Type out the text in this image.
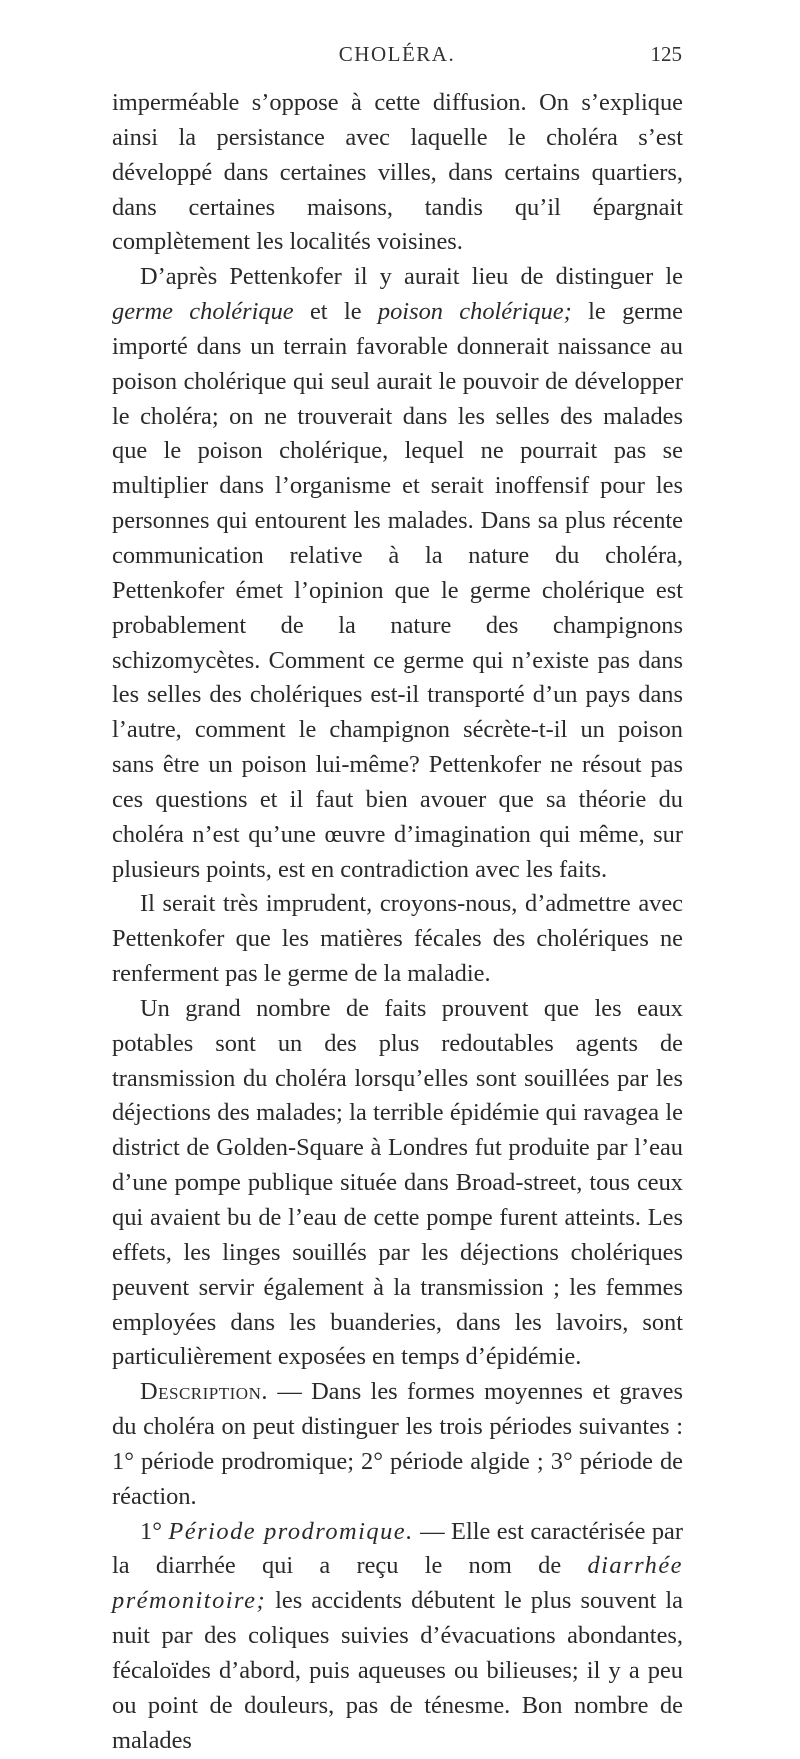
CHOLÉRA.	125

imperméable s’oppose à cette diffusion. On s’explique ainsi la persistance avec laquelle le choléra s’est développé dans certaines villes, dans certains quartiers, dans certaines maisons, tandis qu’il épargnait complètement les localités voisines.

D’après Pettenkofer il y aurait lieu de distinguer le germe cholérique et le poison cholérique; le germe importé dans un terrain favorable donnerait naissance au poison cholérique qui seul aurait le pouvoir de développer le choléra; on ne trouverait dans les selles des malades que le poison cholérique, lequel ne pourrait pas se multiplier dans l’organisme et serait inoffensif pour les personnes qui entourent les malades. Dans sa plus récente communication relative à la nature du choléra, Pettenkofer émet l’opinion que le germe cholérique est probablement de la nature des champignons schizomycètes. Comment ce germe qui n’existe pas dans les selles des cholériques est-il transporté d’un pays dans l’autre, comment le champignon sécrète-t-il un poison sans être un poison lui-même? Pettenkofer ne résout pas ces questions et il faut bien avouer que sa théorie du choléra n’est qu’une œuvre d’imagination qui même, sur plusieurs points, est en contradiction avec les faits.

Il serait très imprudent, croyons-nous, d’admettre avec Pettenkofer que les matières fécales des cholériques ne renferment pas le germe de la maladie.

Un grand nombre de faits prouvent que les eaux potables sont un des plus redoutables agents de transmission du choléra lorsqu’elles sont souillées par les déjections des malades; la terrible épidémie qui ravagea le district de Golden-Square à Londres fut produite par l’eau d’une pompe publique située dans Broad-street, tous ceux qui avaient bu de l’eau de cette pompe furent atteints. Les effets, les linges souillés par les déjections cholériques peuvent servir également à la transmission ; les femmes employées dans les buanderies, dans les lavoirs, sont particulièrement exposées en temps d’épidémie.

Description. — Dans les formes moyennes et graves du choléra on peut distinguer les trois périodes suivantes : 1° période prodromique; 2° période algide ; 3° période de réaction.

1° Période prodromique. — Elle est caractérisée par la diarrhée qui a reçu le nom de diarrhée prémonitoire; les accidents débutent le plus souvent la nuit par des coliques suivies d’évacuations abondantes, fécaloïdes d’abord, puis aqueuses ou bilieuses; il y a peu ou point de douleurs, pas de ténesme. Bon nombre de malades
